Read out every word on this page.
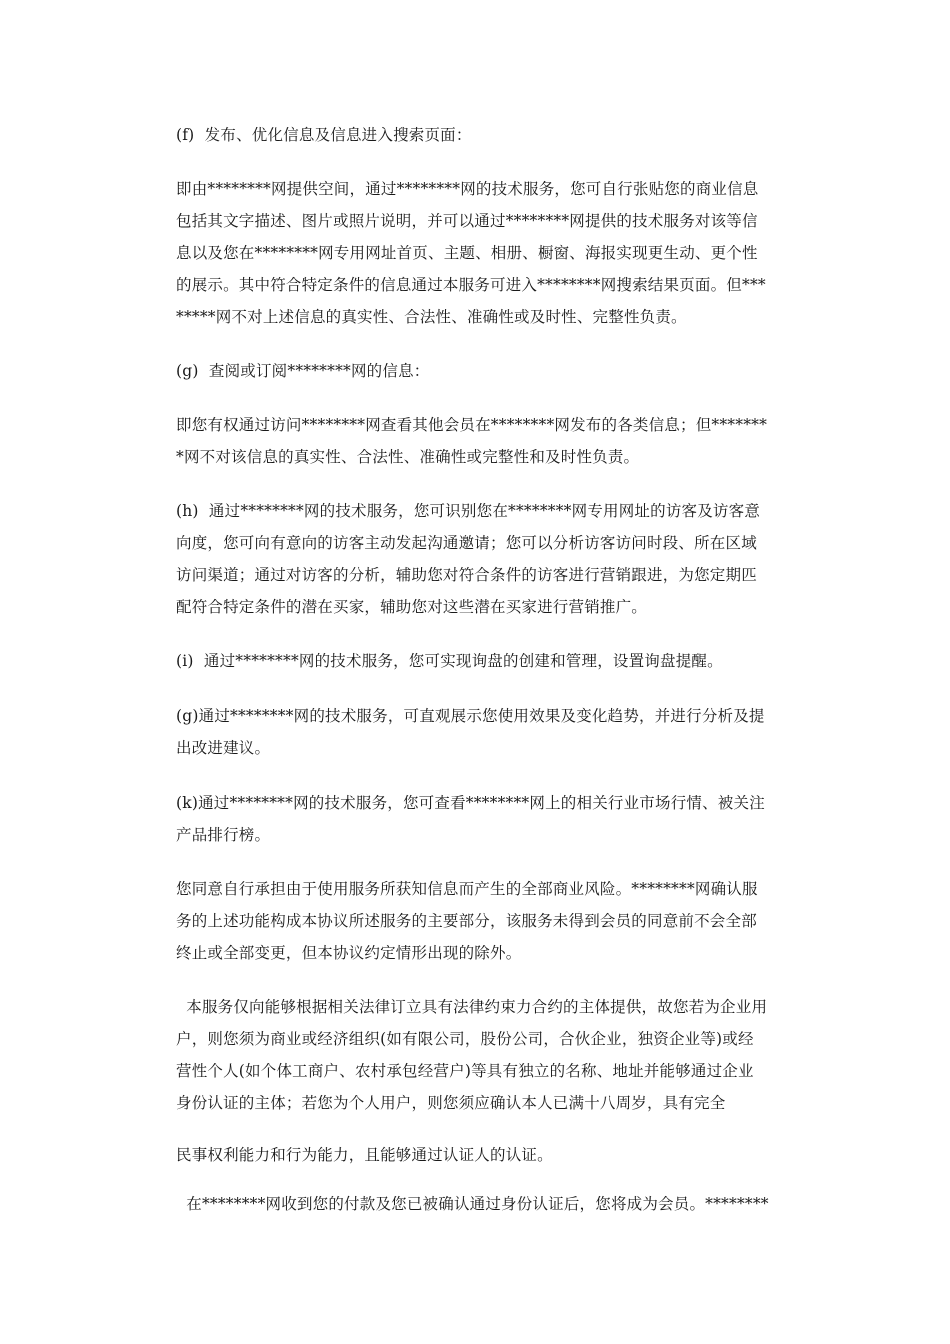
(f)  发布、优化信息及信息进入搜索页面：
即由********网提供空间，通过********网的技术服务，您可自行张贴您的商业信息
包括其文字描述、图片或照片说明，并可以通过********网提供的技术服务对该等信
息以及您在********网专用网址首页、主题、相册、橱窗、海报实现更生动、更个性
的展示。其中符合特定条件的信息通过本服务可进入********网搜索结果页面。但***
*****网不对上述信息的真实性、合法性、准确性或及时性、完整性负责。
(g)  查阅或订阅********网的信息：
即您有权通过访问********网查看其他会员在********网发布的各类信息；但*******
*网不对该信息的真实性、合法性、准确性或完整性和及时性负责。
(h)  通过********网的技术服务，您可识别您在********网专用网址的访客及访客意
向度，您可向有意向的访客主动发起沟通邀请；您可以分析访客访问时段、所在区域
访问渠道；通过对访客的分析，辅助您对符合条件的访客进行营销跟进，为您定期匹
配符合特定条件的潜在买家，辅助您对这些潜在买家进行营销推广。
(i)  通过********网的技术服务，您可实现询盘的创建和管理，设置询盘提醒。
(g)通过********网的技术服务，可直观展示您使用效果及变化趋势，并进行分析及提
出改进建议。
(k)通过********网的技术服务，您可查看********网上的相关行业市场行情、被关注
产品排行榜。
您同意自行承担由于使用服务所获知信息而产生的全部商业风险。********网确认服
务的上述功能构成本协议所述服务的主要部分，该服务未得到会员的同意前不会全部
终止或全部变更，但本协议约定情形出现的除外。
本服务仅向能够根据相关法律订立具有法律约束力合约的主体提供，故您若为企业用
户，则您须为商业或经济组织(如有限公司，股份公司，合伙企业，独资企业等)或经
营性个人(如个体工商户、农村承包经营户)等具有独立的名称、地址并能够通过企业
身份认证的主体；若您为个人用户，则您须应确认本人已满十八周岁，具有完全
民事权利能力和行为能力，且能够通过认证人的认证。
在********网收到您的付款及您已被确认通过身份认证后，您将成为会员。********
